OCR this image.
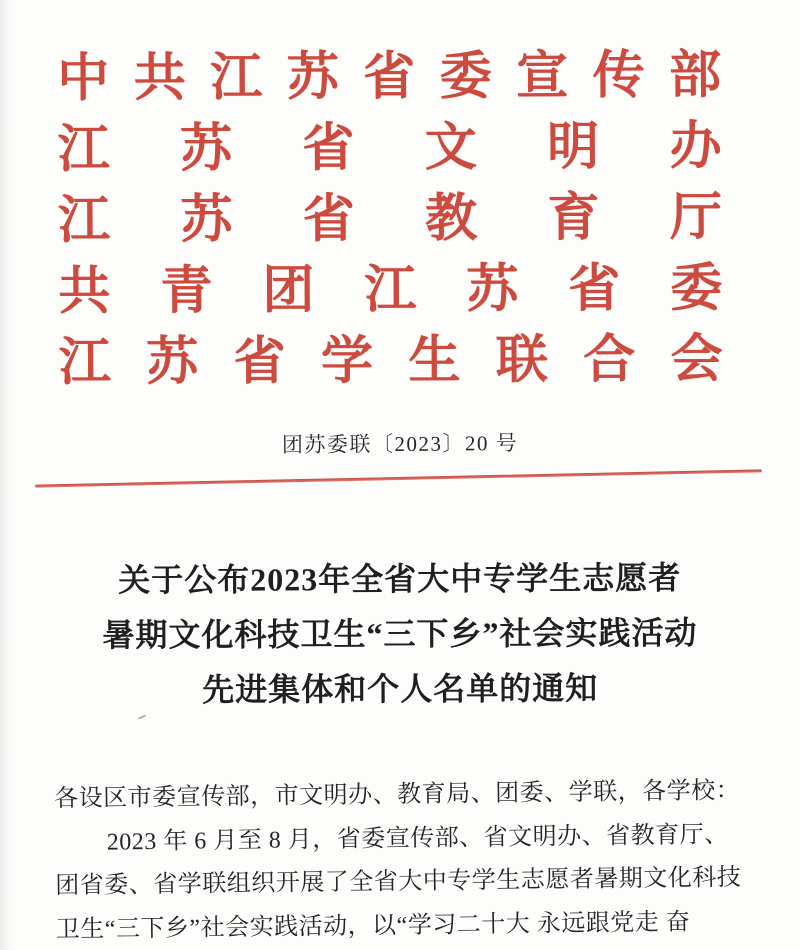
中 共 江 苏 省 委 宣 传 部
江 苏 省 文 明 办
江 苏 省 教 育 厅
共 青 团 江 苏 省 委
江 苏 省 学 生 联 合 会
团苏委联〔2023〕20 号
关于公布2023年全省大中专学生志愿者
暑期文化科技卫生“三下乡”社会实践活动
先进集体和个人名单的通知

各设区市委宣传部，市文明办、教育局、团委、学联，各学校：

2023 年 6 月至 8 月，省委宣传部、省文明办、省教育厅、

团省委、省学联组织开展了全省大中专学生志愿者暑期文化科技

卫生“三下乡”社会实践活动，以“学习二十大 永远跟党走 奋
